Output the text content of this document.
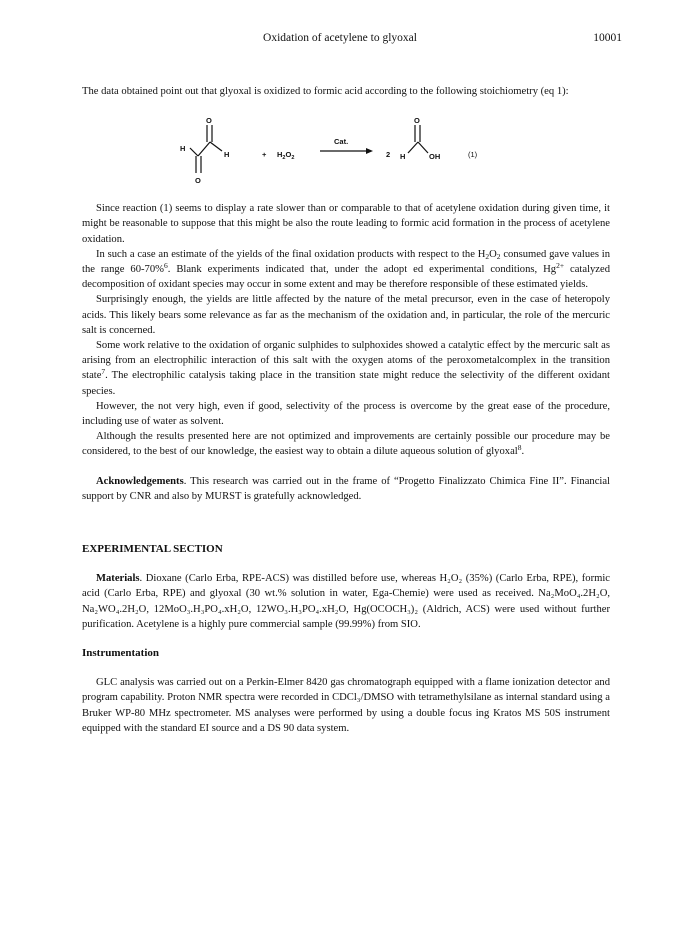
Oxidation of acetylene to glyoxal	10001

The data obtained point out that glyoxal is oxidized to formic acid according to the following stoichiometry (eq 1):

H
O
H
O
+ $H_2O_2$
Cat.
2 H
O
OH	(1)

Since reaction (1) seems to display a rate slower than or comparable to that of acetylene oxidation during given time, it might be reasonable to suppose that this might be also the route leading to formic acid formation in the process of acetylene oxidation.

In such a case an estimate of the yields of the final oxidation products with respect to the $H_2O_2$ consumed gave values in the range 60-70%$^6$. Blank experiments indicated that, under the adopt ed experimental conditions, $Hg^{2+}$ catalyzed decomposition of oxidant species may occur in some extent and may be therefore responsible of these estimated yields.

Surprisingly enough, the yields are little affected by the nature of the metal precursor, even in the case of heteropoly acids. This likely bears some relevance as far as the mechanism of the oxidation and, in particular, the role of the mercuric salt is concerned.

Some work relative to the oxidation of organic sulphides to sulphoxides showed a catalytic effect by the mercuric salt as arising from an electrophilic interaction of this salt with the oxygen atoms of the peroxometalcomplex in the transition state$^7$. The electrophilic catalysis taking place in the transition state might reduce the selectivity of the different oxidant species.

However, the not very high, even if good, selectivity of the process is overcome by the great ease of the procedure, including use of water as solvent.

Although the results presented here are not optimized and improvements are certainly possible our procedure may be considered, to the best of our knowledge, the easiest way to obtain a dilute aqueous solution of glyoxal$^8$.

Acknowledgements. This research was carried out in the frame of “Progetto Finalizzato Chimica Fine II”. Financial support by CNR and also by MURST is gratefully acknowledged.

EXPERIMENTAL SECTION

Materials. Dioxane (Carlo Erba, RPE-ACS) was distilled before use, whereas H₂O₂ (35%) (Carlo Erba, RPE), formic acid (Carlo Erba, RPE) and glyoxal (30 wt.% solution in water, Ega-Chemie) were used as received. Na₂MoO₄.2H₂O, Na₂WO₄.2H₂O, 12MoO₃.H₃PO₄.xH₂O, 12WO₃.H₃PO₄.xH₂O, Hg(OCOCH₃)₂ (Aldrich, ACS) were used without further purification. Acetylene is a highly pure commercial sample (99.99%) from SIO.

Instrumentation

GLC analysis was carried out on a Perkin-Elmer 8420 gas chromatograph equipped with a flame ionization detector and program capability. Proton NMR spectra were recorded in CDCl₃/DMSO with tetramethylsilane as internal standard using a Bruker WP-80 MHz spectrometer. MS analyses were performed by using a double focus ing Kratos MS 50S instrument equipped with the standard EI source and a DS 90 data system.
